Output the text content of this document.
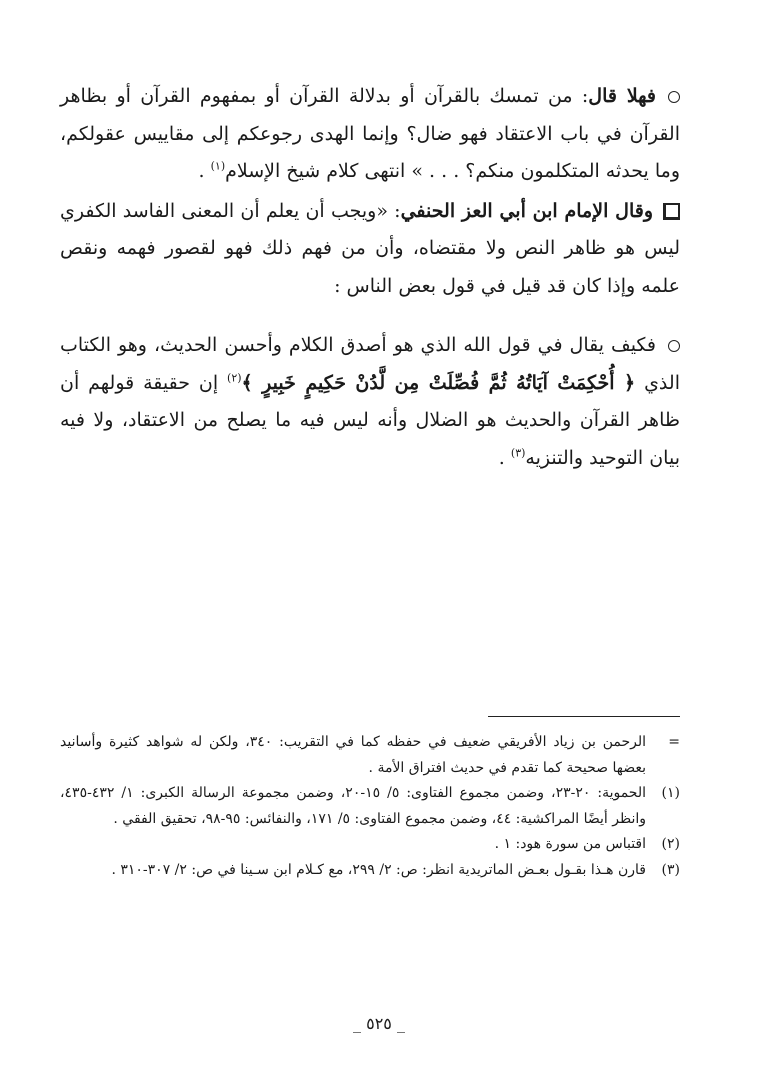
فهلا قال: من تمسك بالقرآن أو بدلالة القرآن أو بمفهوم القرآن أو بظاهر القرآن في باب الاعتقاد فهو ضال؟ وإنما الهدى رجوعكم إلى مقاييس عقولكم، وما يحدثه المتكلمون منكم؟ . . . » انتهى كلام شيخ الإسلام$^{(١)}$ .

وقال الإمام ابن أبي العز الحنفي: «ويجب أن يعلم أن المعنى الفاسد الكفري ليس هو ظاهر النص ولا مقتضاه، وأن من فهم ذلك فهو لقصور فهمه ونقص علمه وإذا كان قد قيل في قول بعض الناس :

فكيف يقال في قول الله الذي هو أصدق الكلام وأحسن الحديث، وهو الكتاب الذي ﴿ أُحْكِمَتْ آيَاتُهُ ثُمَّ فُصِّلَتْ مِن لَّدُنْ حَكِيمٍ خَبِيرٍ ﴾$^{(٢)}$ إن حقيقة قولهم أن ظاهر القرآن والحديث هو الضلال وأنه ليس فيه ما يصلح من الاعتقاد، ولا فيه بيان التوحيد والتنزيه$^{(٣)}$ .

=
الرحمن بن زياد الأفريقي ضعيف في حفظه كما في التقريب: ٣٤٠، ولكن له شواهد كثيرة وأسانيد بعضها صحيحة كما تقدم في حديث افتراق الأمة .
(١)
الحموية: ٢٠-٢٣، وضمن مجموع الفتاوى: ٥/ ١٥-٢٠، وضمن مجموعة الرسالة الكبرى: ١/ ٤٣٢-٤٣٥، وانظر أيضًا المراكشية: ٤٤، وضمن مجموع الفتاوى: ٥/ ١٧١، والنفائس: ٩٥-٩٨، تحقيق الفقي .
(٢)
اقتباس من سورة هود: ١ .
(٣)
قارن هـذا بقـول بعـض الماتريدية انظر: ص: ٢/ ٢٩٩، مع كـلام ابن سـينا في ص: ٢/ ٣٠٧-٣١٠ .
_ ٥٢٥ _
